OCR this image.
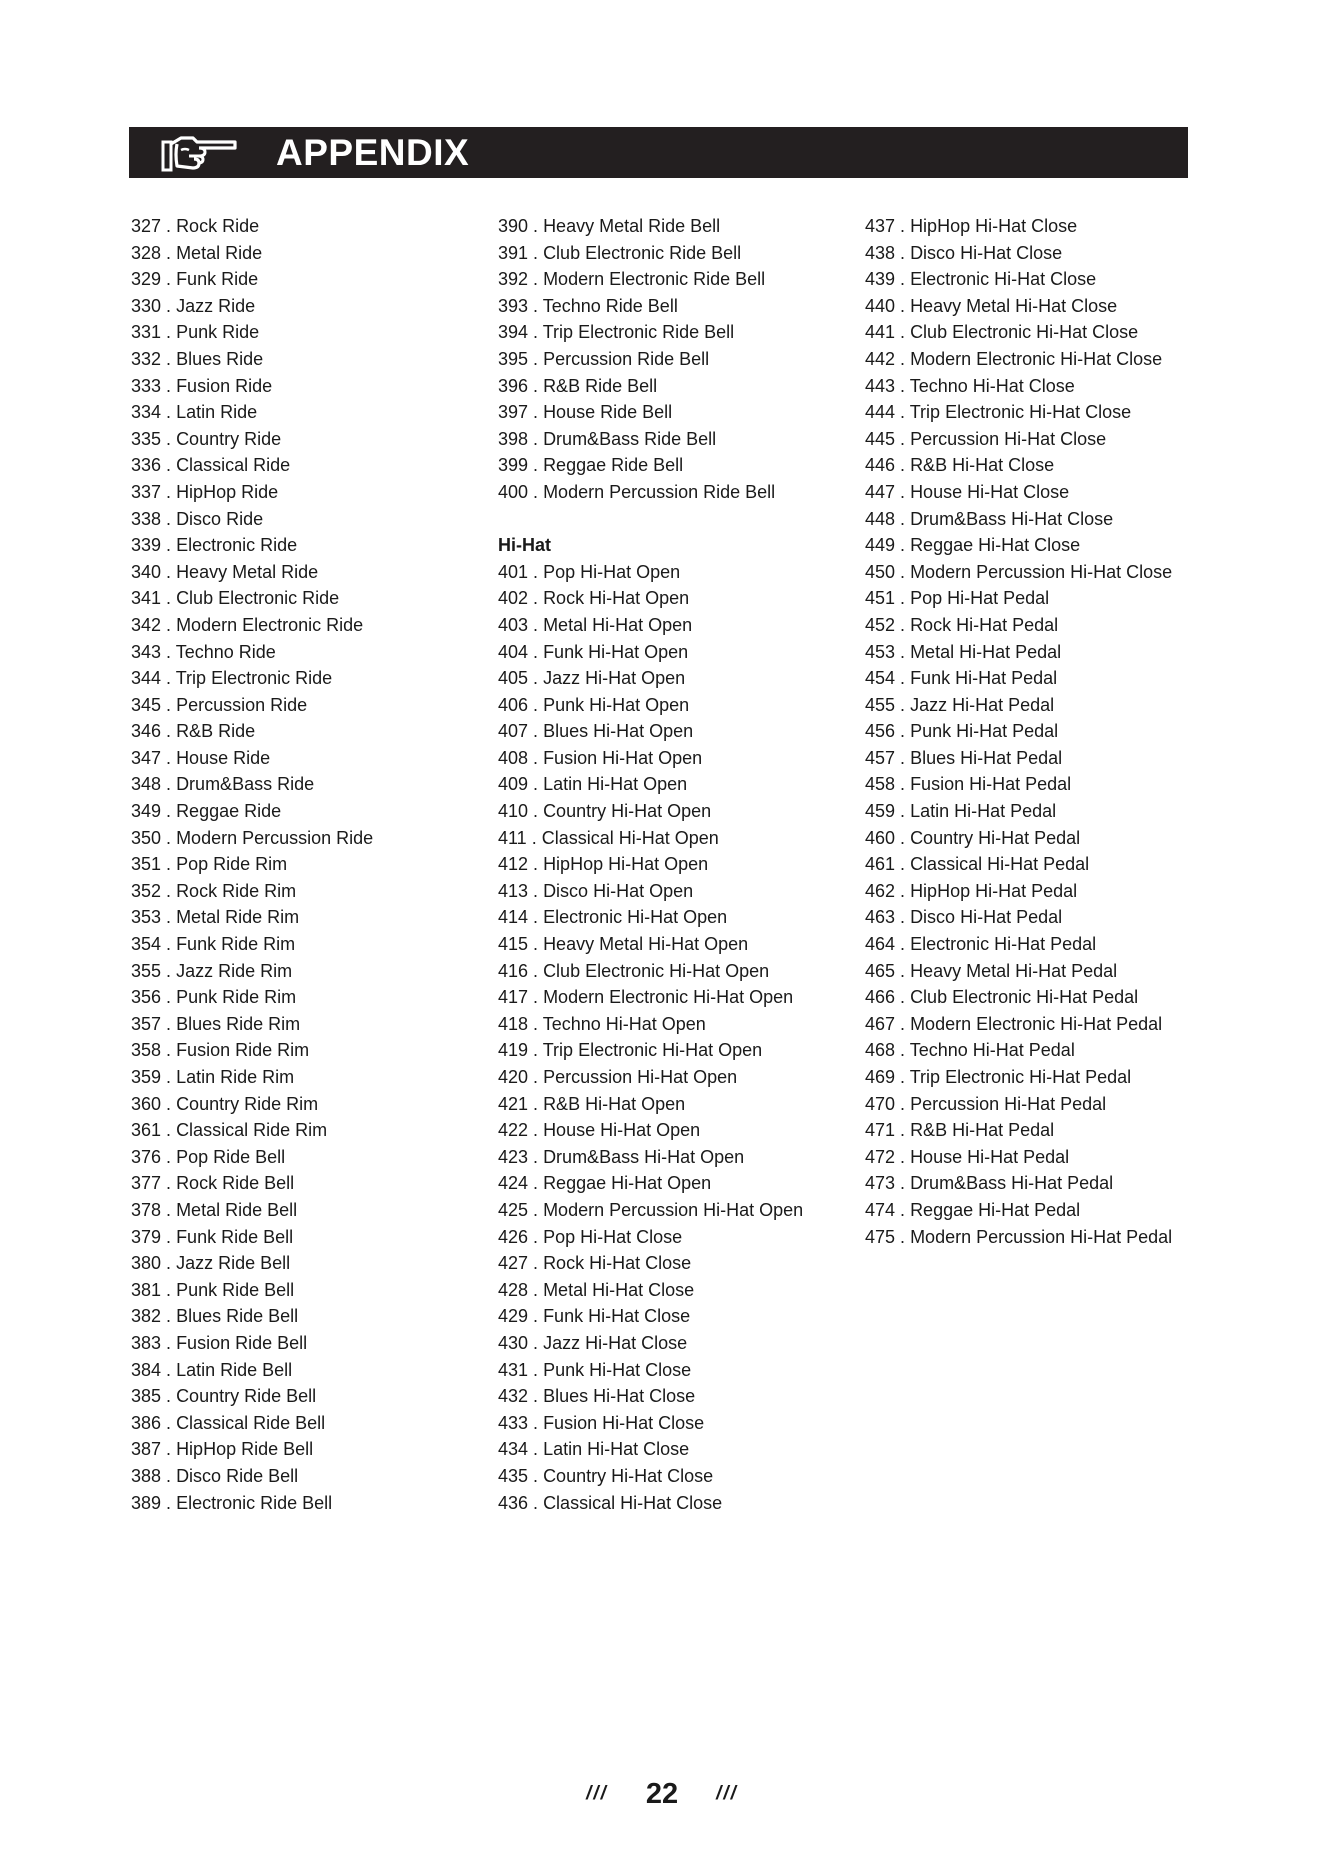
APPENDIX
327 . Rock Ride
328 . Metal Ride
329 . Funk Ride
330 . Jazz Ride
331 . Punk Ride
332 . Blues Ride
333 . Fusion Ride
334 . Latin Ride
335 . Country Ride
336 . Classical Ride
337 . HipHop Ride
338 . Disco Ride
339 . Electronic Ride
340 . Heavy Metal Ride
341 . Club Electronic Ride
342 . Modern Electronic Ride
343 . Techno Ride
344 . Trip Electronic Ride
345 . Percussion Ride
346 . R&B Ride
347 . House Ride
348 . Drum&Bass Ride
349 . Reggae Ride
350 . Modern Percussion Ride
351 . Pop Ride Rim
352 . Rock Ride Rim
353 . Metal Ride Rim
354 . Funk Ride Rim
355 . Jazz Ride Rim
356 . Punk Ride Rim
357 . Blues Ride Rim
358 . Fusion Ride Rim
359 . Latin Ride Rim
360 . Country Ride Rim
361 . Classical Ride Rim
376 . Pop Ride Bell
377 . Rock Ride Bell
378 . Metal Ride Bell
379 . Funk Ride Bell
380 . Jazz Ride Bell
381 . Punk Ride Bell
382 . Blues Ride Bell
383 . Fusion Ride Bell
384 . Latin Ride Bell
385 . Country Ride Bell
386 . Classical Ride Bell
387 . HipHop Ride Bell
388 . Disco Ride Bell
389 . Electronic Ride Bell
390 . Heavy Metal Ride Bell
391 . Club Electronic Ride Bell
392 . Modern Electronic Ride Bell
393 . Techno Ride Bell
394 . Trip Electronic Ride Bell
395 . Percussion Ride Bell
396 . R&B Ride Bell
397 . House Ride Bell
398 . Drum&Bass Ride Bell
399 . Reggae Ride Bell
400 . Modern Percussion Ride Bell
Hi-Hat
401 . Pop Hi-Hat Open
402 . Rock Hi-Hat Open
403 . Metal Hi-Hat Open
404 . Funk Hi-Hat Open
405 . Jazz Hi-Hat Open
406 . Punk Hi-Hat Open
407 . Blues Hi-Hat Open
408 . Fusion Hi-Hat Open
409 . Latin Hi-Hat Open
410 . Country Hi-Hat Open
411 . Classical Hi-Hat Open
412 . HipHop Hi-Hat Open
413 . Disco Hi-Hat Open
414 . Electronic Hi-Hat Open
415 . Heavy Metal Hi-Hat Open
416 . Club Electronic Hi-Hat Open
417 . Modern Electronic Hi-Hat Open
418 . Techno Hi-Hat Open
419 . Trip Electronic Hi-Hat Open
420 . Percussion Hi-Hat Open
421 . R&B Hi-Hat Open
422 . House Hi-Hat Open
423 . Drum&Bass Hi-Hat Open
424 . Reggae Hi-Hat Open
425 . Modern Percussion Hi-Hat Open
426 . Pop Hi-Hat Close
427 . Rock Hi-Hat Close
428 . Metal Hi-Hat Close
429 . Funk Hi-Hat Close
430 . Jazz Hi-Hat Close
431 . Punk Hi-Hat Close
432 . Blues Hi-Hat Close
433 . Fusion Hi-Hat Close
434 . Latin Hi-Hat Close
435 . Country Hi-Hat Close
436 . Classical Hi-Hat Close
437 . HipHop Hi-Hat Close
438 . Disco Hi-Hat Close
439 . Electronic Hi-Hat Close
440 . Heavy Metal Hi-Hat Close
441 . Club Electronic Hi-Hat Close
442 . Modern Electronic Hi-Hat Close
443 . Techno Hi-Hat Close
444 . Trip Electronic Hi-Hat Close
445 . Percussion Hi-Hat Close
446 . R&B Hi-Hat Close
447 . House Hi-Hat Close
448 . Drum&Bass Hi-Hat Close
449 . Reggae Hi-Hat Close
450 . Modern Percussion Hi-Hat Close
451 . Pop Hi-Hat Pedal
452 . Rock Hi-Hat Pedal
453 . Metal Hi-Hat Pedal
454 . Funk Hi-Hat Pedal
455 . Jazz Hi-Hat Pedal
456 . Punk Hi-Hat Pedal
457 . Blues Hi-Hat Pedal
458 . Fusion Hi-Hat Pedal
459 . Latin Hi-Hat Pedal
460 . Country Hi-Hat Pedal
461 . Classical Hi-Hat Pedal
462 . HipHop Hi-Hat Pedal
463 . Disco Hi-Hat Pedal
464 . Electronic Hi-Hat Pedal
465 . Heavy Metal Hi-Hat Pedal
466 . Club Electronic Hi-Hat Pedal
467 . Modern Electronic Hi-Hat Pedal
468 . Techno Hi-Hat Pedal
469 . Trip Electronic Hi-Hat Pedal
470 . Percussion Hi-Hat Pedal
471 . R&B Hi-Hat Pedal
472 . House Hi-Hat Pedal
473 . Drum&Bass Hi-Hat Pedal
474 . Reggae Hi-Hat Pedal
475 . Modern Percussion Hi-Hat Pedal
///	22	///
